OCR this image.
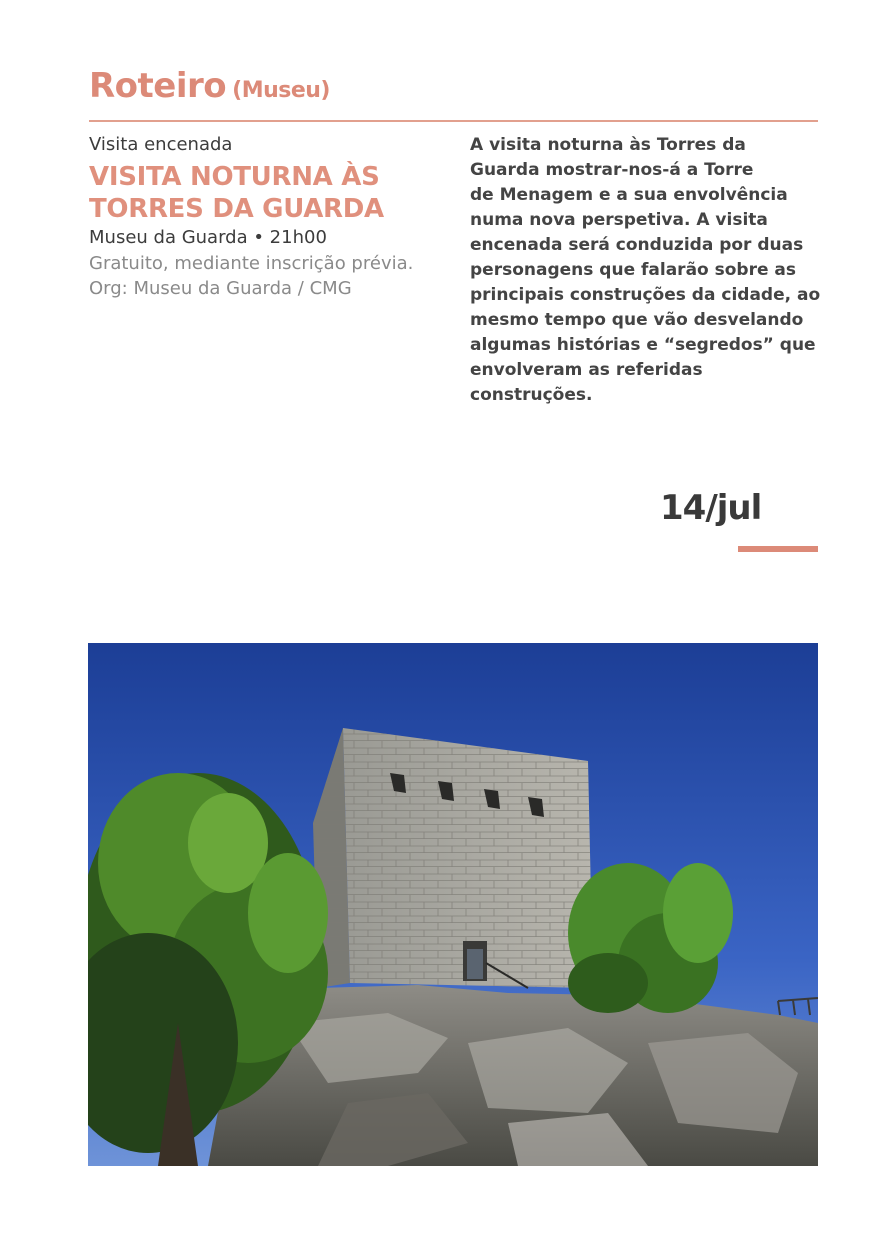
Roteiro (Museu)
Visita encenada
VISITA NOTURNA ÀS
TORRES DA GUARDA
Museu da Guarda • 21h00
Gratuito, mediante inscrição prévia.
Org: Museu da Guarda / CMG

A visita noturna às Torres da

Guarda mostrar-nos-á a Torre

de Menagem e a sua envolvência

numa nova perspetiva. A visita

encenada será conduzida por duas

personagens que falarão sobre as

principais construções da cidade, ao

mesmo tempo que vão desvelando

algumas histórias e “segredos” que

envolveram as referidas construções.

14/jul
